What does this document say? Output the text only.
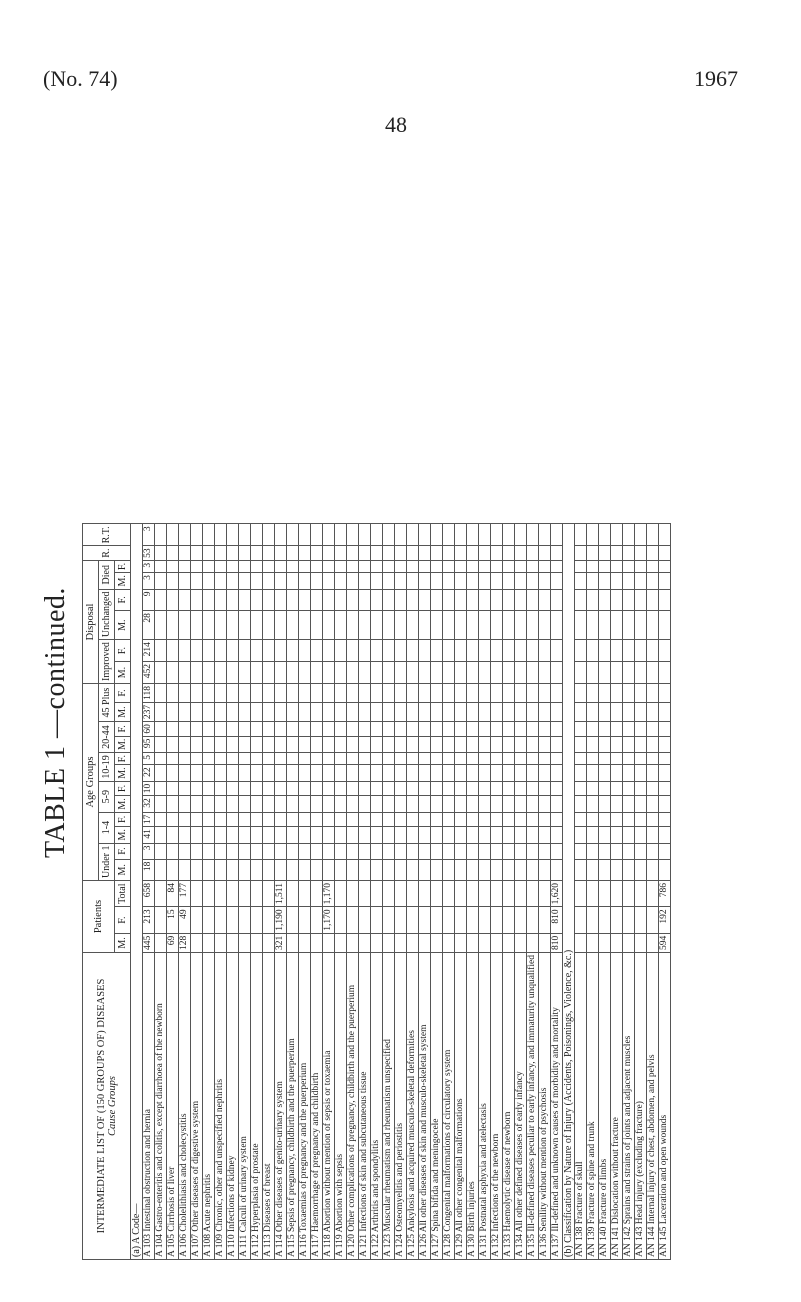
(No. 74)
48
1967
TABLE 1 —continued.
INTERMEDIATE LIST OF (150 GROUPS OF) DISEASES Cause Groups	Patients			Age Groups												Disposal						R.	R.T.
				Under 1		1-4		5-9		10-19		20-44		45 Plus		Improved		Unchanged		Died			
	M.	F.	Total	M.	F.	M.	F.	M.	F.	M.	F.	M.	F.	M.	F.	M.	F.	M.	F.	M.	F.		
(a) A Code—																							
A 103 Intestinal obstruction and hernia	445	213	658	18	3	41	17	32	10	22	5	95	60	237	118	452	214	28	9	3	3	53	3
A 104 Gastro-enteritis and colitis, except diarrhoea of the newborn																							
A 105 Cirrhosis of liver	69	15	84																				
A 106 Cholelithiasis and cholecystitis	128	49	177																				
A 107 Other diseases of digestive system																							
A 108 Acute nephritis																							
A 109 Chronic, other and unspecified nephritis																							
A 110 Infections of kidney																							
A 111 Calculi of urinary system																							
A 112 Hyperplasia of prostate																							
A 113 Diseases of breast																							
A 114 Other diseases of genito-urinary system	321	1,190	1,511																				
A 115 Sepsis of pregnancy, childbirth and the puerperium																							
A 116 Toxaemias of pregnancy and the puerperium																							
A 117 Haemorrhage of pregnancy and childbirth																							
A 118 Abortion without mention of sepsis or toxaemia		1,170	1,170																				
A 119 Abortion with sepsis																							
A 120 Other complications of pregnancy, childbirth and the puerperium																							
A 121 Infections of skin and subcutaneous tissue																							
A 122 Arthritis and spondylitis																							
A 123 Muscular rheumatism and rheumatism unspecified																							
A 124 Osteomyelitis and periostitis																							
A 125 Ankylosis and acquired musculo-skeletal deformities																							
A 126 All other diseases of skin and musculo-skeletal system																							
A 127 Spina bifida and meningocele																							
A 128 Congenital malformations of circulatory system																							
A 129 All other congenital malformations																							
A 130 Birth injuries																							
A 131 Postnatal asphyxia and atelectasis																							
A 132 Infections of the newborn																							
A 133 Haemolytic disease of newborn																							
A 134 All other defined diseases of early infancy																							
A 135 Ill-defined diseases peculiar to early infancy, and immaturity unqualified																							
A 136 Senility without mention of psychosis																							
A 137 Ill-defined and unknown causes of morbidity and mortality	810	810	1,620																				
(b) Classification by Nature of Injury (Accidents, Poisonings, Violence, &c.)																							
AN 138 Fracture of skull																							
AN 139 Fracture of spine and trunk																							
AN 140 Fracture of limbs																							
AN 141 Dislocation without fracture																							
AN 142 Sprains and strains of joints and adjacent muscles																							
AN 143 Head injury (excluding fracture)																							
AN 144 Internal injury of chest, abdomen, and pelvis																							
AN 145 Laceration and open wounds	594	192	786																				
